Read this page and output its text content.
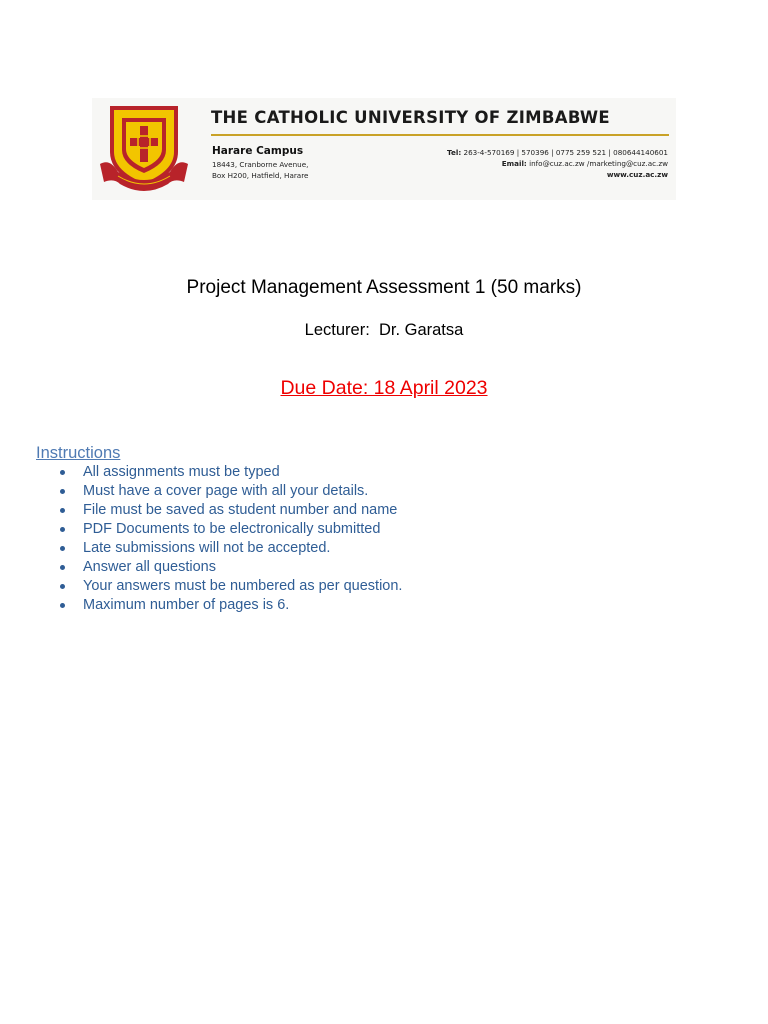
THE CATHOLIC UNIVERSITY OF ZIMBABWE
Harare Campus
18443, Cranborne Avenue,
Box H200, Hatfield, Harare
Tel: 263-4-570169 | 570396 | 0775 259 521 | 080644140601
Email: info@cuz.ac.zw /marketing@cuz.ac.zw
www.cuz.ac.zw
Project Management Assessment 1 (50 marks)
Lecturer:  Dr. Garatsa
Due Date: 18 April 2023
Instructions
All assignments must be typed
Must have a cover page with all your details.
File must be saved as student number and name
PDF Documents to be electronically submitted
Late submissions will not be accepted.
Answer all questions
Your answers must be numbered as per question.
Maximum number of pages is 6.
